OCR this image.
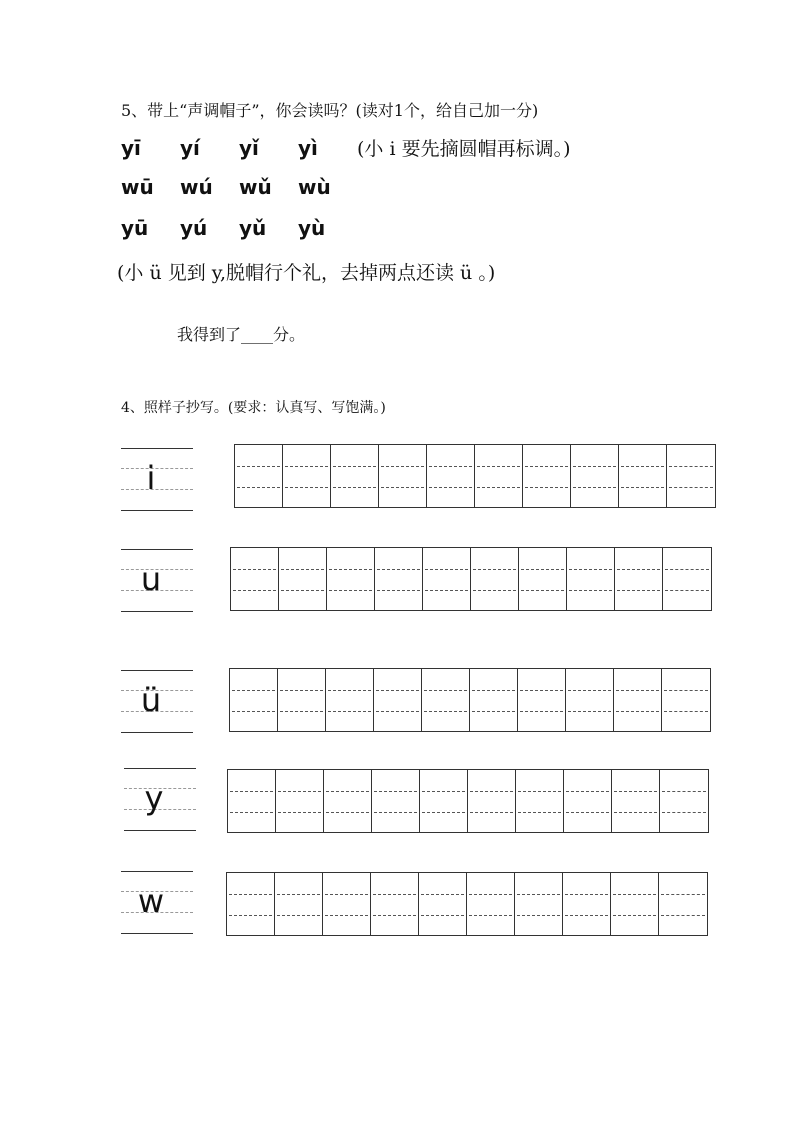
5、带上“声调帽子”，你会读吗？(读对1个，给自己加一分)
yī yí yǐ yì (小 i 要先摘圆帽再标调。)
wū wú wǔ wù
yū yú yǔ yù
(小 ü 见到 y,脱帽行个礼，去掉两点还读 ü 。)
我得到了____分。
4、照样子抄写。(要求：认真写、写饱满。)
i
u
ü
y
w
